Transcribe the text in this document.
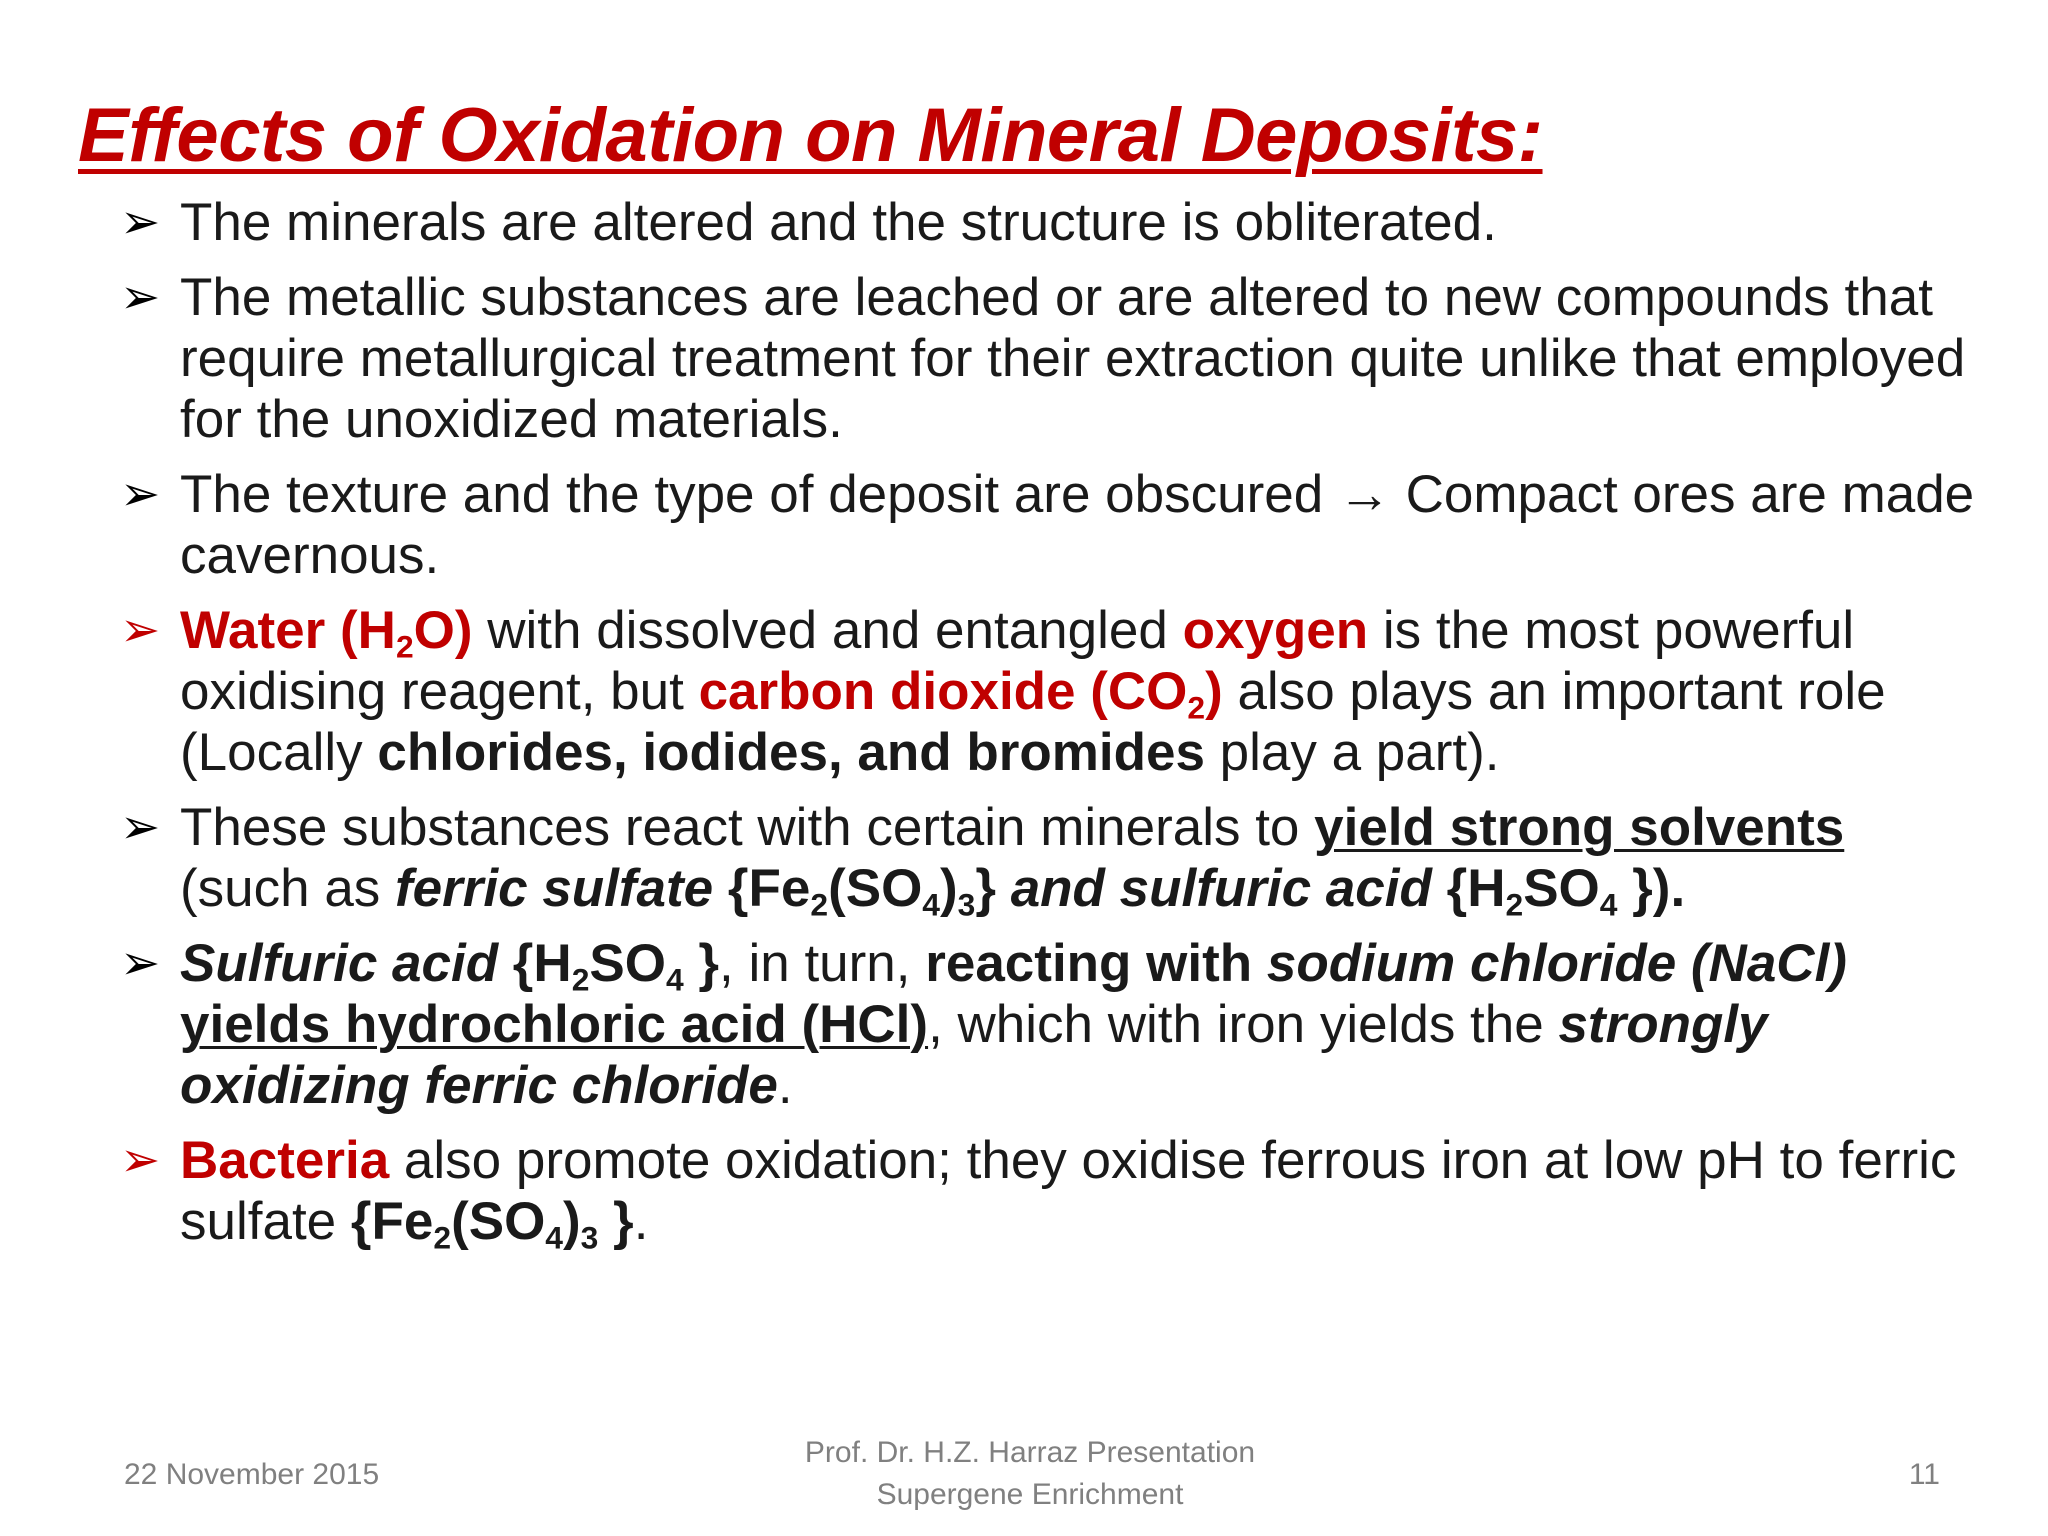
Effects of Oxidation on Mineral Deposits:
➢ The minerals are altered and the structure is obliterated.
➢ The metallic substances are leached or are altered to new compounds that require metallurgical treatment for their extraction quite unlike that employed for the unoxidized materials.
➢ The texture and the type of deposit are obscured → Compact ores are made cavernous.
➢ Water $(H_2O)$ with dissolved and entangled oxygen is the most powerful oxidising reagent, but carbon dioxide $(CO_2)$ also plays an important role (Locally chlorides, iodides, and bromides play a part).
➢ These substances react with certain minerals to yield strong solvents
(such as ferric sulfate $\{Fe_2(SO_4)_3\}$ and sulfuric acid {$H_2SO_4$ }).
➢ Sulfuric acid {$H_2SO_4$ }, in turn, reacting with sodium chloride (NaCl)
yields hydrochloric acid (HCl), which with iron yields the strongly oxidizing ferric chloride.
➢ Bacteria also promote oxidation; they oxidise ferrous iron at low pH to ferric sulfate {$Fe_2(SO_4)_3$ }.
22 November 2015
Prof. Dr. H.Z. Harraz Presentation
Supergene Enrichment
11
